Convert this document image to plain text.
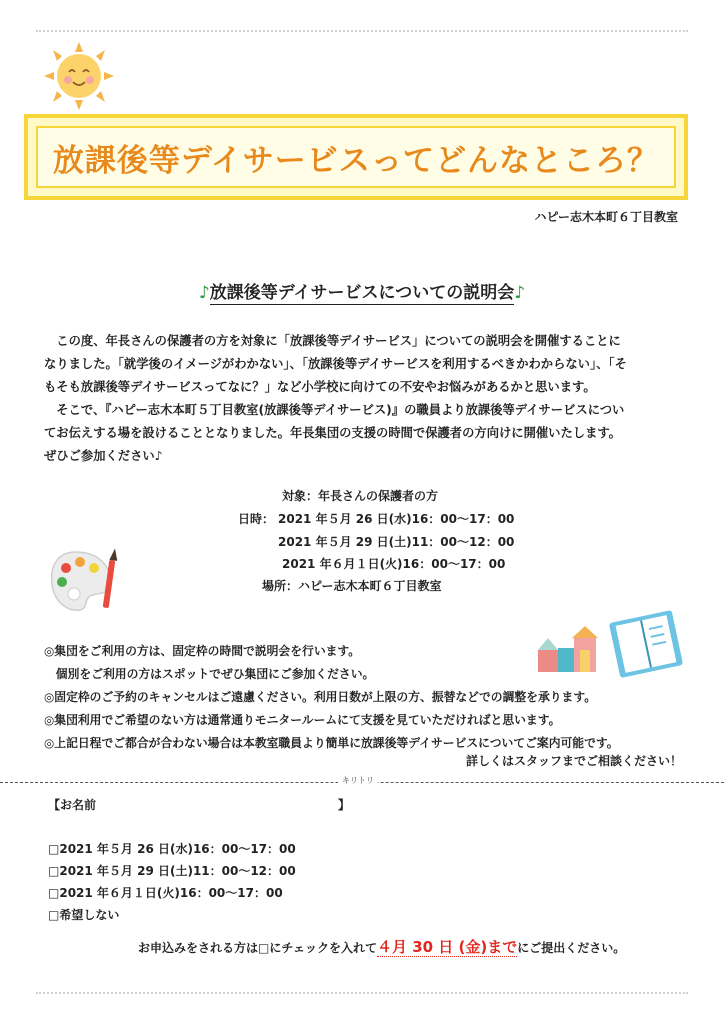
放課後等デイサービスってどんなところ？
ハピー志木本町６丁目教室
♪放課後等デイサービスについての説明会♪

　この度、年長さんの保護者の方を対象に「放課後等デイサービス」についての説明会を開催することに

なりました。「就学後のイメージがわかない」、「放課後等デイサービスを利用するべきかわからない」、「そ

もそも放課後等デイサービスってなに？」など小学校に向けての不安やお悩みがあるかと思います。

　そこで、『ハピー志木本町５丁目教室(放課後等デイサービス)』の職員より放課後等デイサービスについ

てお伝えする場を設けることとなりました。年長集団の支援の時間で保護者の方向けに開催いたします。

ぜひご参加ください♪

対象：年長さんの保護者の方
日時： 2021 年５月 26 日(水)16：00～17：00
2021 年５月 29 日(土)11：00～12：00
2021 年６月１日(火)16：00～17：00
場所：ハピー志木本町６丁目教室

◎集団をご利用の方は、固定枠の時間で説明会を行います。

　個別をご利用の方はスポットでぜひ集団にご参加ください。

◎固定枠のご予約のキャンセルはご遠慮ください。利用日数が上限の方、振替などでの調整を承ります。

◎集団利用でご希望のない方は通常通りモニタールームにて支援を見ていただければと思います。

◎上記日程でご都合が合わない場合は本教室職員より簡単に放課後等デイサービスについてご案内可能です。

詳しくはスタッフまでご相談ください！
キリトリ
【お名前	】
□2021 年５月 26 日(水)16：00～17：00
□2021 年５月 29 日(土)11：00～12：00
□2021 年６月１日(火)16：00～17：00
□希望しない
お申込みをされる方は□にチェックを入れて４月 30 日 (金)までにご提出ください。
